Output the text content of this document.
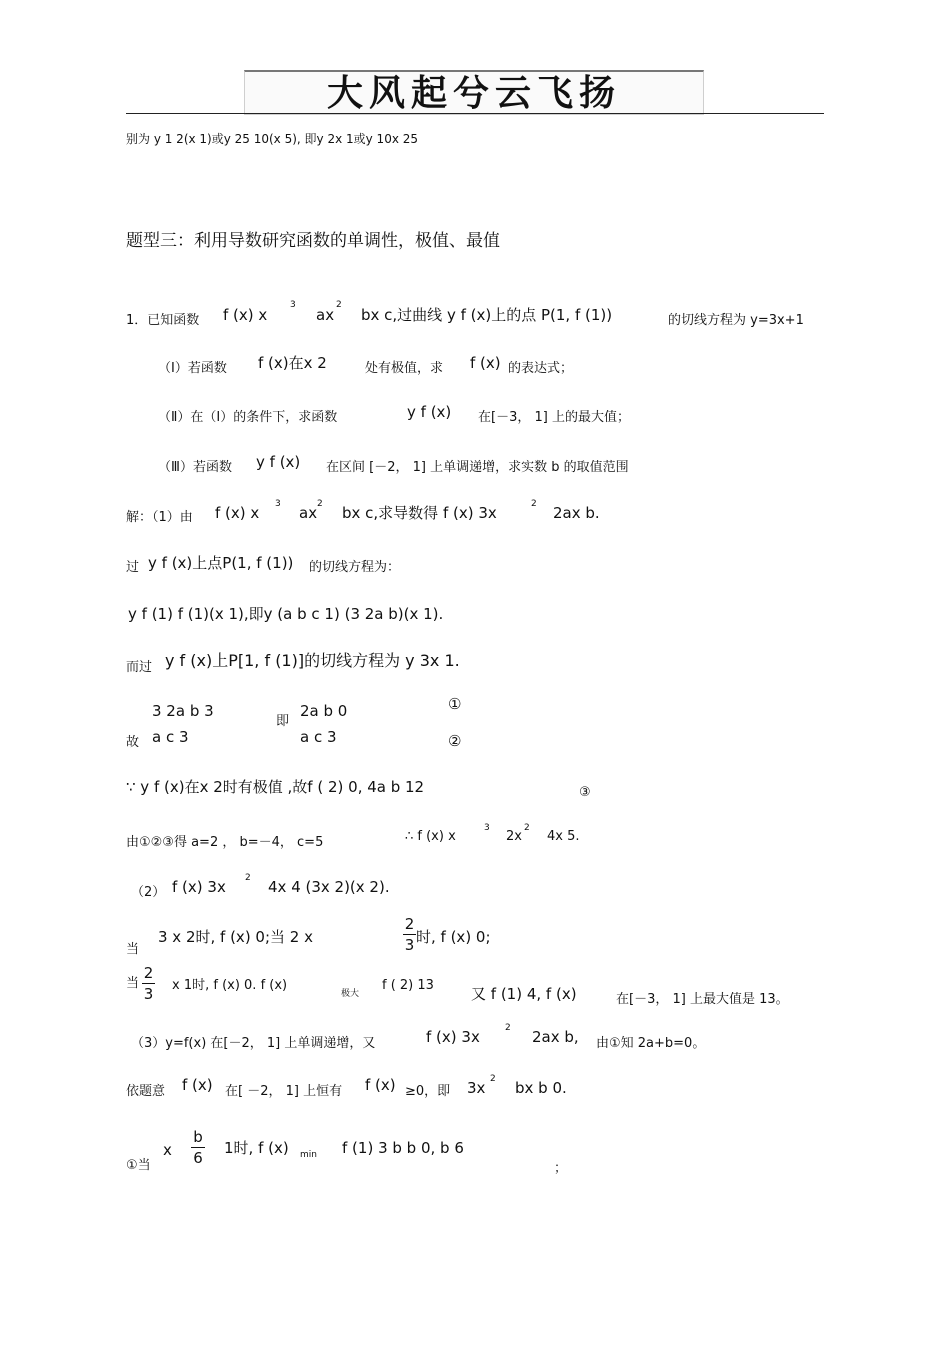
大风起兮云飞扬
别为 y 1 2(x 1)或y 25 10(x 5), 即y 2x 1或y 10x 25
题型三：利用导数研究函数的单调性，极值、最值
1．已知函数 f (x) x
3
ax
2
bx c,过曲线 y f (x)上的点 P(1, f (1))	的切线方程为 y=3x+1
（Ⅰ）若函数 f (x)在x 2	处有极值，求 f (x) 的表达式；
（Ⅱ）在（Ⅰ）的条件下，求函数	y f (x) 在[－3， 1] 上的最大值；
（Ⅲ）若函数 y f (x) 在区间 [－2， 1] 上单调递增，求实数 b 的取值范围
解：（1）由 f (x) x 3 ax 2 bx c,求导数得 f (x) 3x	2 2ax b.
过 y f (x)上点P(1, f (1)) 的切线方程为：
y f (1) f (1)(x 1),即y (a b c 1) (3 2a b)(x 1).
而过 y f (x)上P[1, f (1)]的切线方程为 y 3x 1.
3 2a b 3
故 a c 3
即
2a b 0
a c 3
①
②
∵ y f (x)在x 2时有极值 ,故f ( 2) 0, 4a b 12	③
由①②③得 a=2 ， b=－4， c=5	∴ f (x) x
3
2x
2
4x 5.
（2） f (x) 3x 2 4x 4 (3x 2)(x 2).
当
3 x 2时, f (x) 0;当 2 x
2
3 时, f (x) 0;
当
2
3 x 1时, f (x) 0. f (x)
极大
f ( 2) 13 又 f (1) 4, f (x)	在[－3， 1] 上最大值是 13。
（3）y=f(x) 在[－2， 1] 上单调递增，又	f (x) 3x	2 2ax b, 由①知 2a+b=0。
依题意 f (x) 在[ －2， 1] 上恒有 f (x) ≥0，即 3x 2 bx b 0.
①当
x
b
6
1时, f (x) min f (1) 3 b b 0, b 6
；
